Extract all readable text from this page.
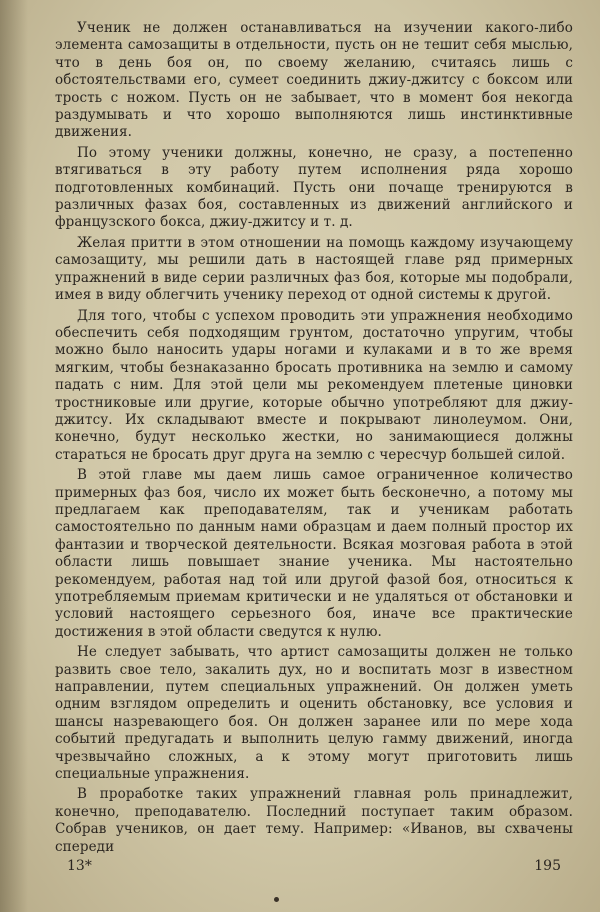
Ученик не должен останавливаться на изучении какого-либо элемента самозащиты в отдельности, пусть он не тешит себя мыслью, что в день боя он, по своему желанию, считаясь лишь с обстоятельствами его, сумеет соединить джиу-джитсу с боксом или трость с ножом. Пусть он не забывает, что в момент боя некогда раздумывать и что хорошо выполняются лишь инстинктивные движения.

По этому ученики должны, конечно, не сразу, а постепенно втягиваться в эту работу путем исполнения ряда хорошо подготовленных комбинаций. Пусть они почаще тренируются в различных фазах боя, составленных из движений английского и французского бокса, джиу-джитсу и т. д.

Желая притти в этом отношении на помощь каждому изучающему самозащиту, мы решили дать в настоящей главе ряд примерных упражнений в виде серии различных фаз боя, которые мы подобрали, имея в виду облегчить ученику переход от одной системы к другой.

Для того, чтобы с успехом проводить эти упражнения необходимо обеспечить себя подходящим грунтом, достаточно упругим, чтобы можно было наносить удары ногами и кулаками и в то же время мягким, чтобы безнаказанно бросать противника на землю и самому падать с ним. Для этой цели мы рекомендуем плетеные циновки тростниковые или другие, которые обычно употребляют для джиу-джитсу. Их складывают вместе и покрывают линолеумом. Они, конечно, будут несколько жестки, но занимающиеся должны стараться не бросать друг друга на землю с чересчур большей силой.

В этой главе мы даем лишь самое ограниченное количество примерных фаз боя, число их может быть бесконечно, а потому мы предлагаем как преподавателям, так и ученикам работать самостоятельно по данным нами образцам и даем полный простор их фантазии и творческой деятельности. Всякая мозговая работа в этой области лишь повышает знание ученика. Мы настоятельно рекомендуем, работая над той или другой фазой боя, относиться к употребляемым приемам критически и не удаляться от обстановки и условий настоящего серьезного боя, иначе все практические достижения в этой области сведутся к нулю.

Не следует забывать, что артист самозащиты должен не только развить свое тело, закалить дух, но и воспитать мозг в известном направлении, путем специальных упражнений. Он должен уметь одним взглядом определить и оценить обстановку, все условия и шансы назревающего боя. Он должен заранее или по мере хода событий предугадать и выполнить целую гамму движений, иногда чрезвычайно сложных, а к этому могут приготовить лишь специальные упражнения.

В проработке таких упражнений главная роль принадлежит, конечно, преподавателю. Последний поступает таким образом. Собрав учеников, он дает тему. Например: «Иванов, вы схвачены спереди

13*	195
